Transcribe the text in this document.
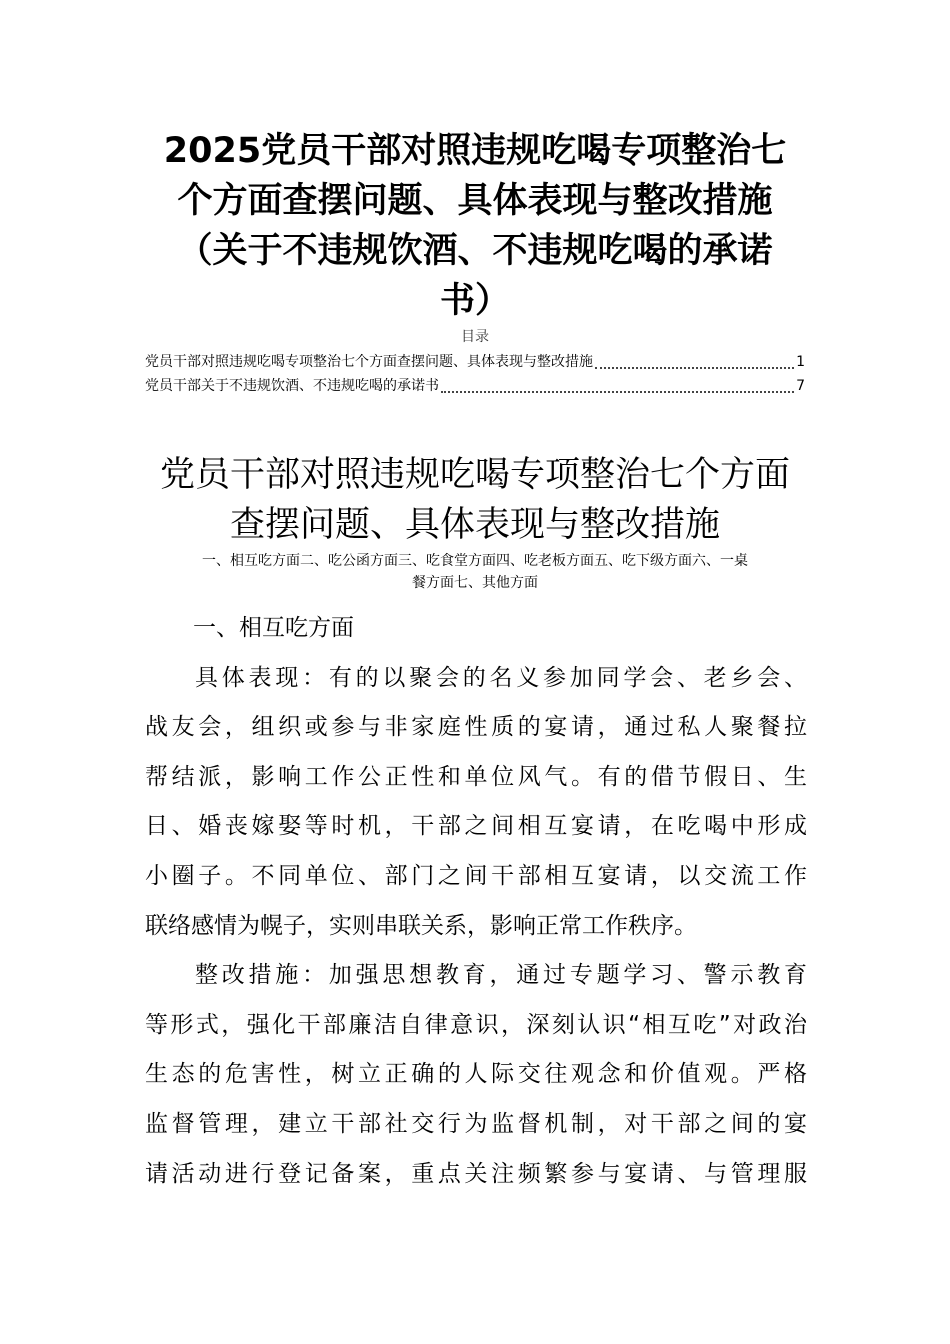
2025党员干部对照违规吃喝专项整治七
个方面查摆问题、具体表现与整改措施
（关于不违规饮酒、不违规吃喝的承诺
书）
目录
党员干部对照违规吃喝专项整治七个方面查摆问题、具体表现与整改措施	1
党员干部关于不违规饮酒、不违规吃喝的承诺书	7
党员干部对照违规吃喝专项整治七个方面
查摆问题、具体表现与整改措施
一、相互吃方面二、吃公函方面三、吃食堂方面四、吃老板方面五、吃下级方面六、一桌
餐方面七、其他方面
一、相互吃方面
具体表现：有的以聚会的名义参加同学会、老乡会、
战友会，组织或参与非家庭性质的宴请，通过私人聚餐拉
帮结派，影响工作公正性和单位风气。有的借节假日、生
日、婚丧嫁娶等时机，干部之间相互宴请，在吃喝中形成
小圈子。不同单位、部门之间干部相互宴请，以交流工作
联络感情为幌子，实则串联关系，影响正常工作秩序。
整改措施：加强思想教育，通过专题学习、警示教育
等形式，强化干部廉洁自律意识，深刻认识“相互吃”对政治
生态的危害性，树立正确的人际交往观念和价值观。严格
监督管理，建立干部社交行为监督机制，对干部之间的宴
请活动进行登记备案，重点关注频繁参与宴请、与管理服
